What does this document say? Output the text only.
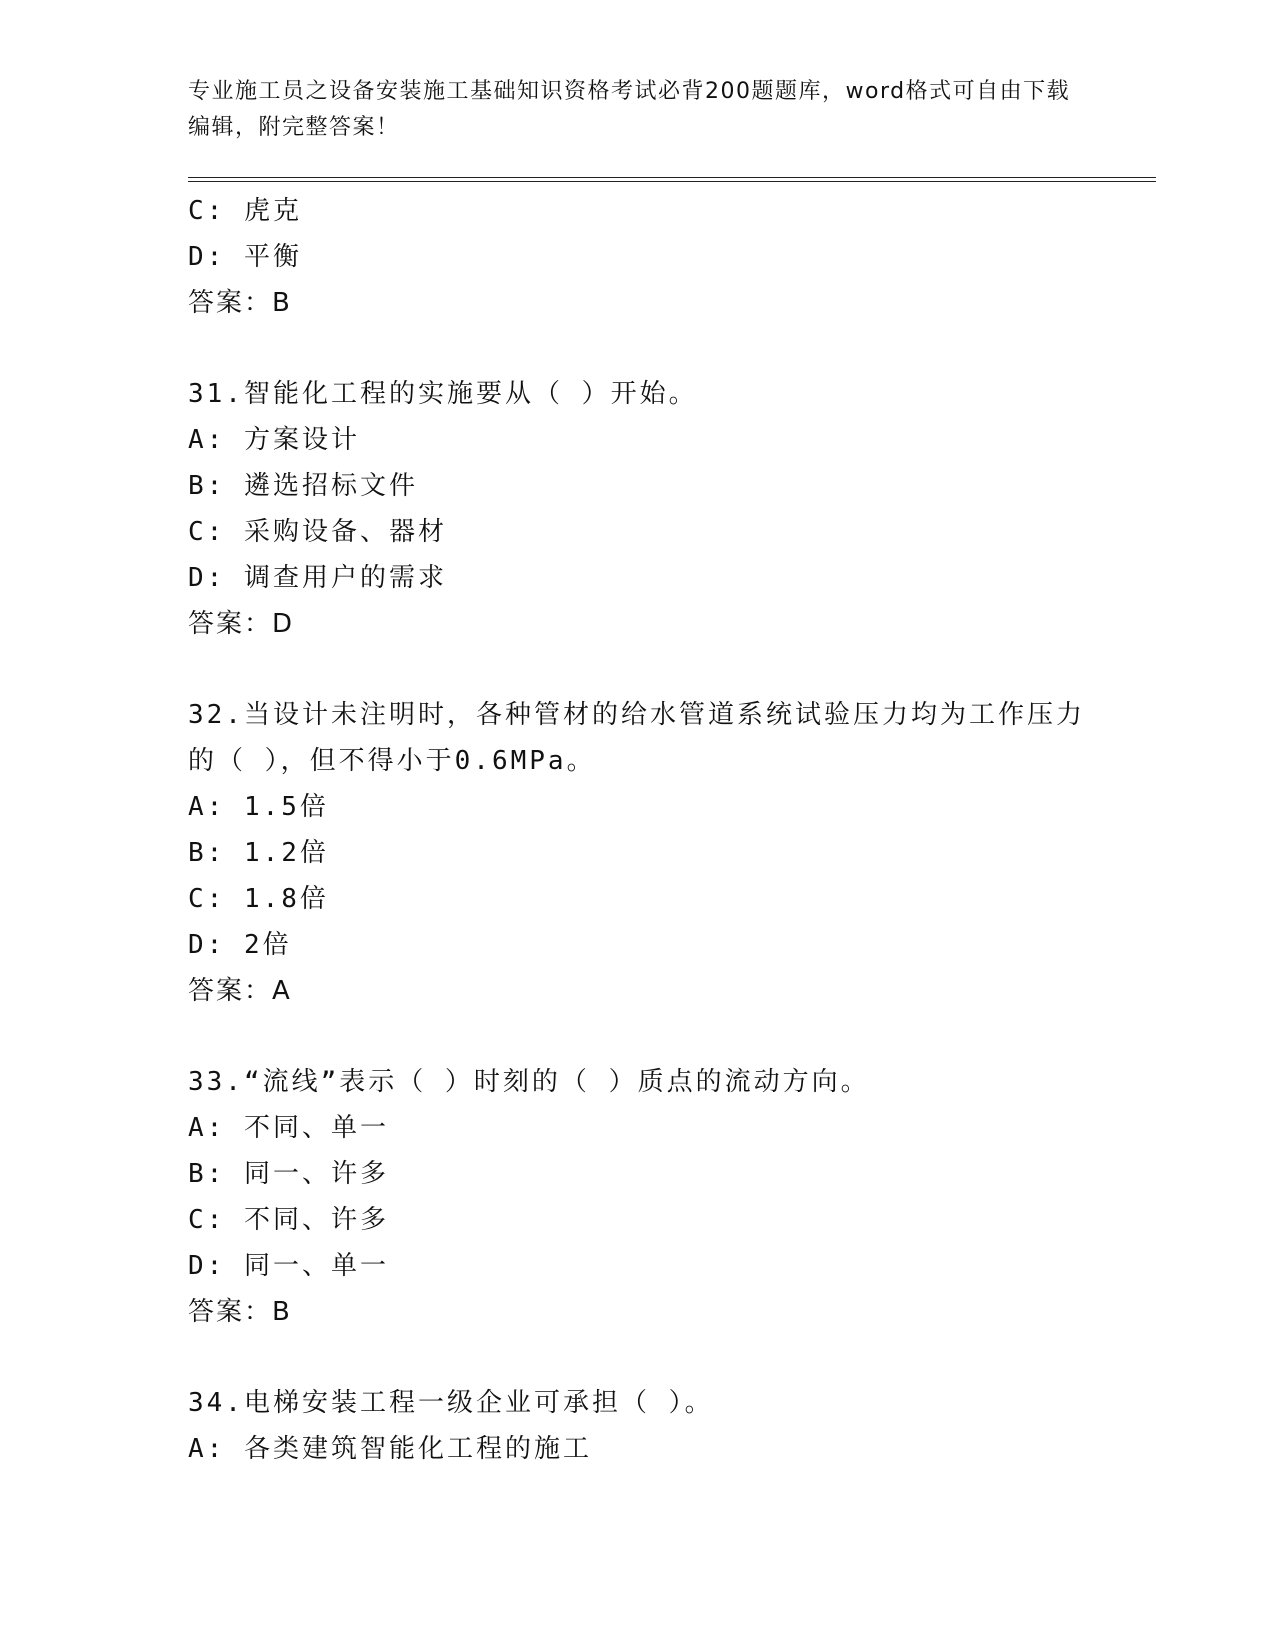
专业施工员之设备安装施工基础知识资格考试必背200题题库，word格式可自由下载编辑，附完整答案！
C: 虎克
D: 平衡
答案：B
31.智能化工程的实施要从（ ）开始。
A: 方案设计
B: 遴选招标文件
C: 采购设备、器材
D: 调查用户的需求
答案：D
32.当设计未注明时，各种管材的给水管道系统试验压力均为工作压力
的（ ），但不得小于0.6MPa。
A: 1.5倍
B: 1.2倍
C: 1.8倍
D: 2倍
答案：A
33.“流线”表示（ ）时刻的（ ）质点的流动方向。
A: 不同、单一
B: 同一、许多
C: 不同、许多
D: 同一、单一
答案：B
34.电梯安装工程一级企业可承担（ ）。
A: 各类建筑智能化工程的施工
